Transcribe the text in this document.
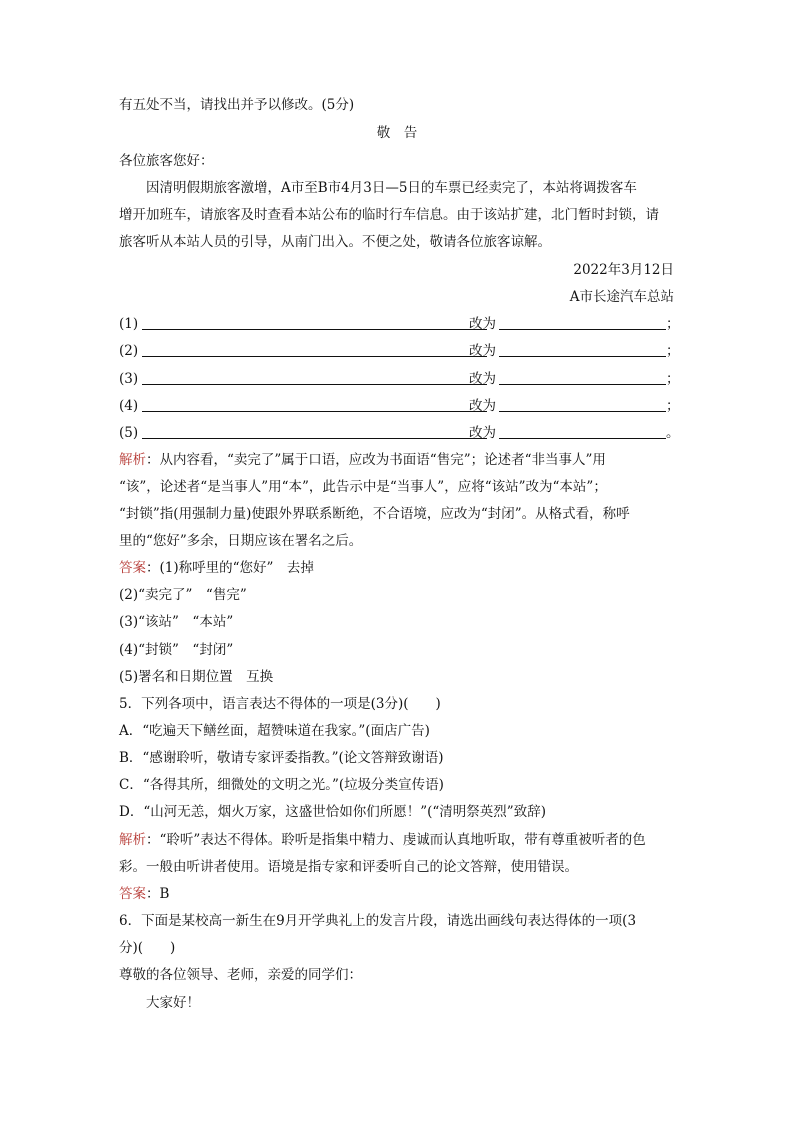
有五处不当，请找出并予以修改。(5分)
敬　告
各位旅客您好：
因清明假期旅客激增，A市至B市4月3日—5日的车票已经卖完了，本站将调拨客车
增开加班车，请旅客及时查看本站公布的临时行车信息。由于该站扩建，北门暂时封锁，请
旅客听从本站人员的引导，从南门出入。不便之处，敬请各位旅客谅解。
2022年3月12日
A市长途汽车总站
(1)	改为	；
(2)	改为	；
(3)	改为	；
(4)	改为	；
(5)	改为	。
解析：从内容看，“卖完了”属于口语，应改为书面语“售完”；论述者“非当事人”用
“该”，论述者“是当事人”用“本”，此告示中是“当事人”，应将“该站”改为“本站”；
“封锁”指(用强制力量)使跟外界联系断绝，不合语境，应改为“封闭”。从格式看，称呼
里的“您好”多余，日期应该在署名之后。
答案：(1)称呼里的“您好”　去掉
(2)“卖完了”　“售完”
(3)“该站”　“本站”
(4)“封锁”　“封闭”
(5)署名和日期位置　互换
5．下列各项中，语言表达不得体的一项是(3分)(　　)
A．“吃遍天下鳝丝面，超赞味道在我家。”(面店广告)
B．“感谢聆听，敬请专家评委指教。”(论文答辩致谢语)
C．“各得其所，细微处的文明之光。”(垃圾分类宣传语)
D．“山河无恙，烟火万家，这盛世恰如你们所愿！”(“清明祭英烈”致辞)
解析：“聆听”表达不得体。聆听是指集中精力、虔诚而认真地听取，带有尊重被听者的色
彩。一般由听讲者使用。语境是指专家和评委听自己的论文答辩，使用错误。
答案：B
6．下面是某校高一新生在9月开学典礼上的发言片段，请选出画线句表达得体的一项(3
分)(　　)
尊敬的各位领导、老师，亲爱的同学们：
大家好！
